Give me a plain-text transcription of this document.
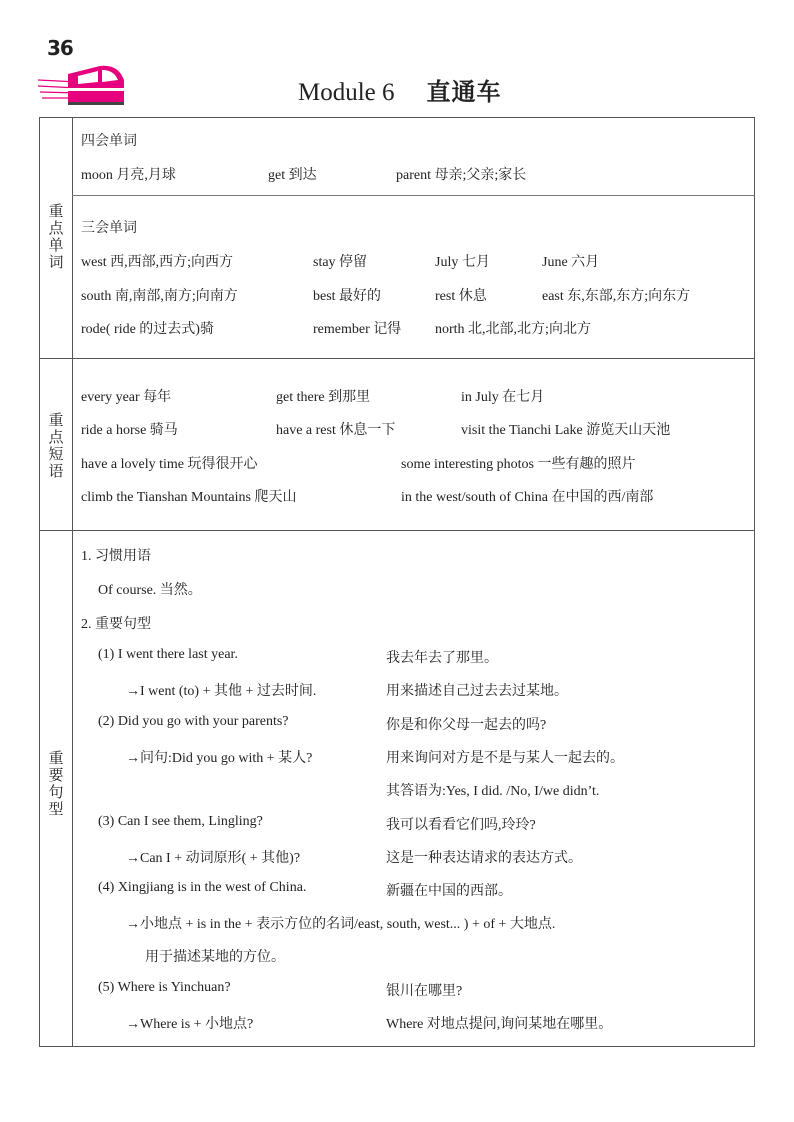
36
Module 6 直通车
重点单词
重点短语
重要句型
四会单词
moon 月亮,月球	get 到达	parent 母亲;父亲;家长
三会单词
west 西,西部,西方;向西方	stay 停留	July 七月	June 六月
south 南,南部,南方;向南方	best 最好的	rest 休息	east 东,东部,东方;向东方
rode( ride 的过去式)骑	remember 记得 north 北,北部,北方;向北方
every year 每年	get there 到那里	in July 在七月
ride a horse 骑马	have a rest 休息一下	visit the Tianchi Lake 游览天山天池
have a lovely time 玩得很开心	some interesting photos 一些有趣的照片
climb the Tianshan Mountains 爬天山	in the west/south of China 在中国的西/南部
1. 习惯用语
Of course. 当然。
2. 重要句型
(1) I went there last year.	我去年去了那里。
→I went (to) + 其他 + 过去时间.	用来描述自己过去去过某地。
(2) Did you go with your parents?	你是和你父母一起去的吗?
→问句:Did you go with + 某人?	用来询问对方是不是与某人一起去的。
其答语为:Yes, I did. /No, I/we didn’t.
(3) Can I see them, Lingling?	我可以看看它们吗,玲玲?
→Can I + 动词原形( + 其他)?	这是一种表达请求的表达方式。
(4) Xingjiang is in the west of China.	新疆在中国的西部。
→小地点 + is in the + 表示方位的名词/east, south, west... ) + of + 大地点.
用于描述某地的方位。
(5) Where is Yinchuan?	银川在哪里?
→Where is + 小地点?	Where 对地点提问,询问某地在哪里。
